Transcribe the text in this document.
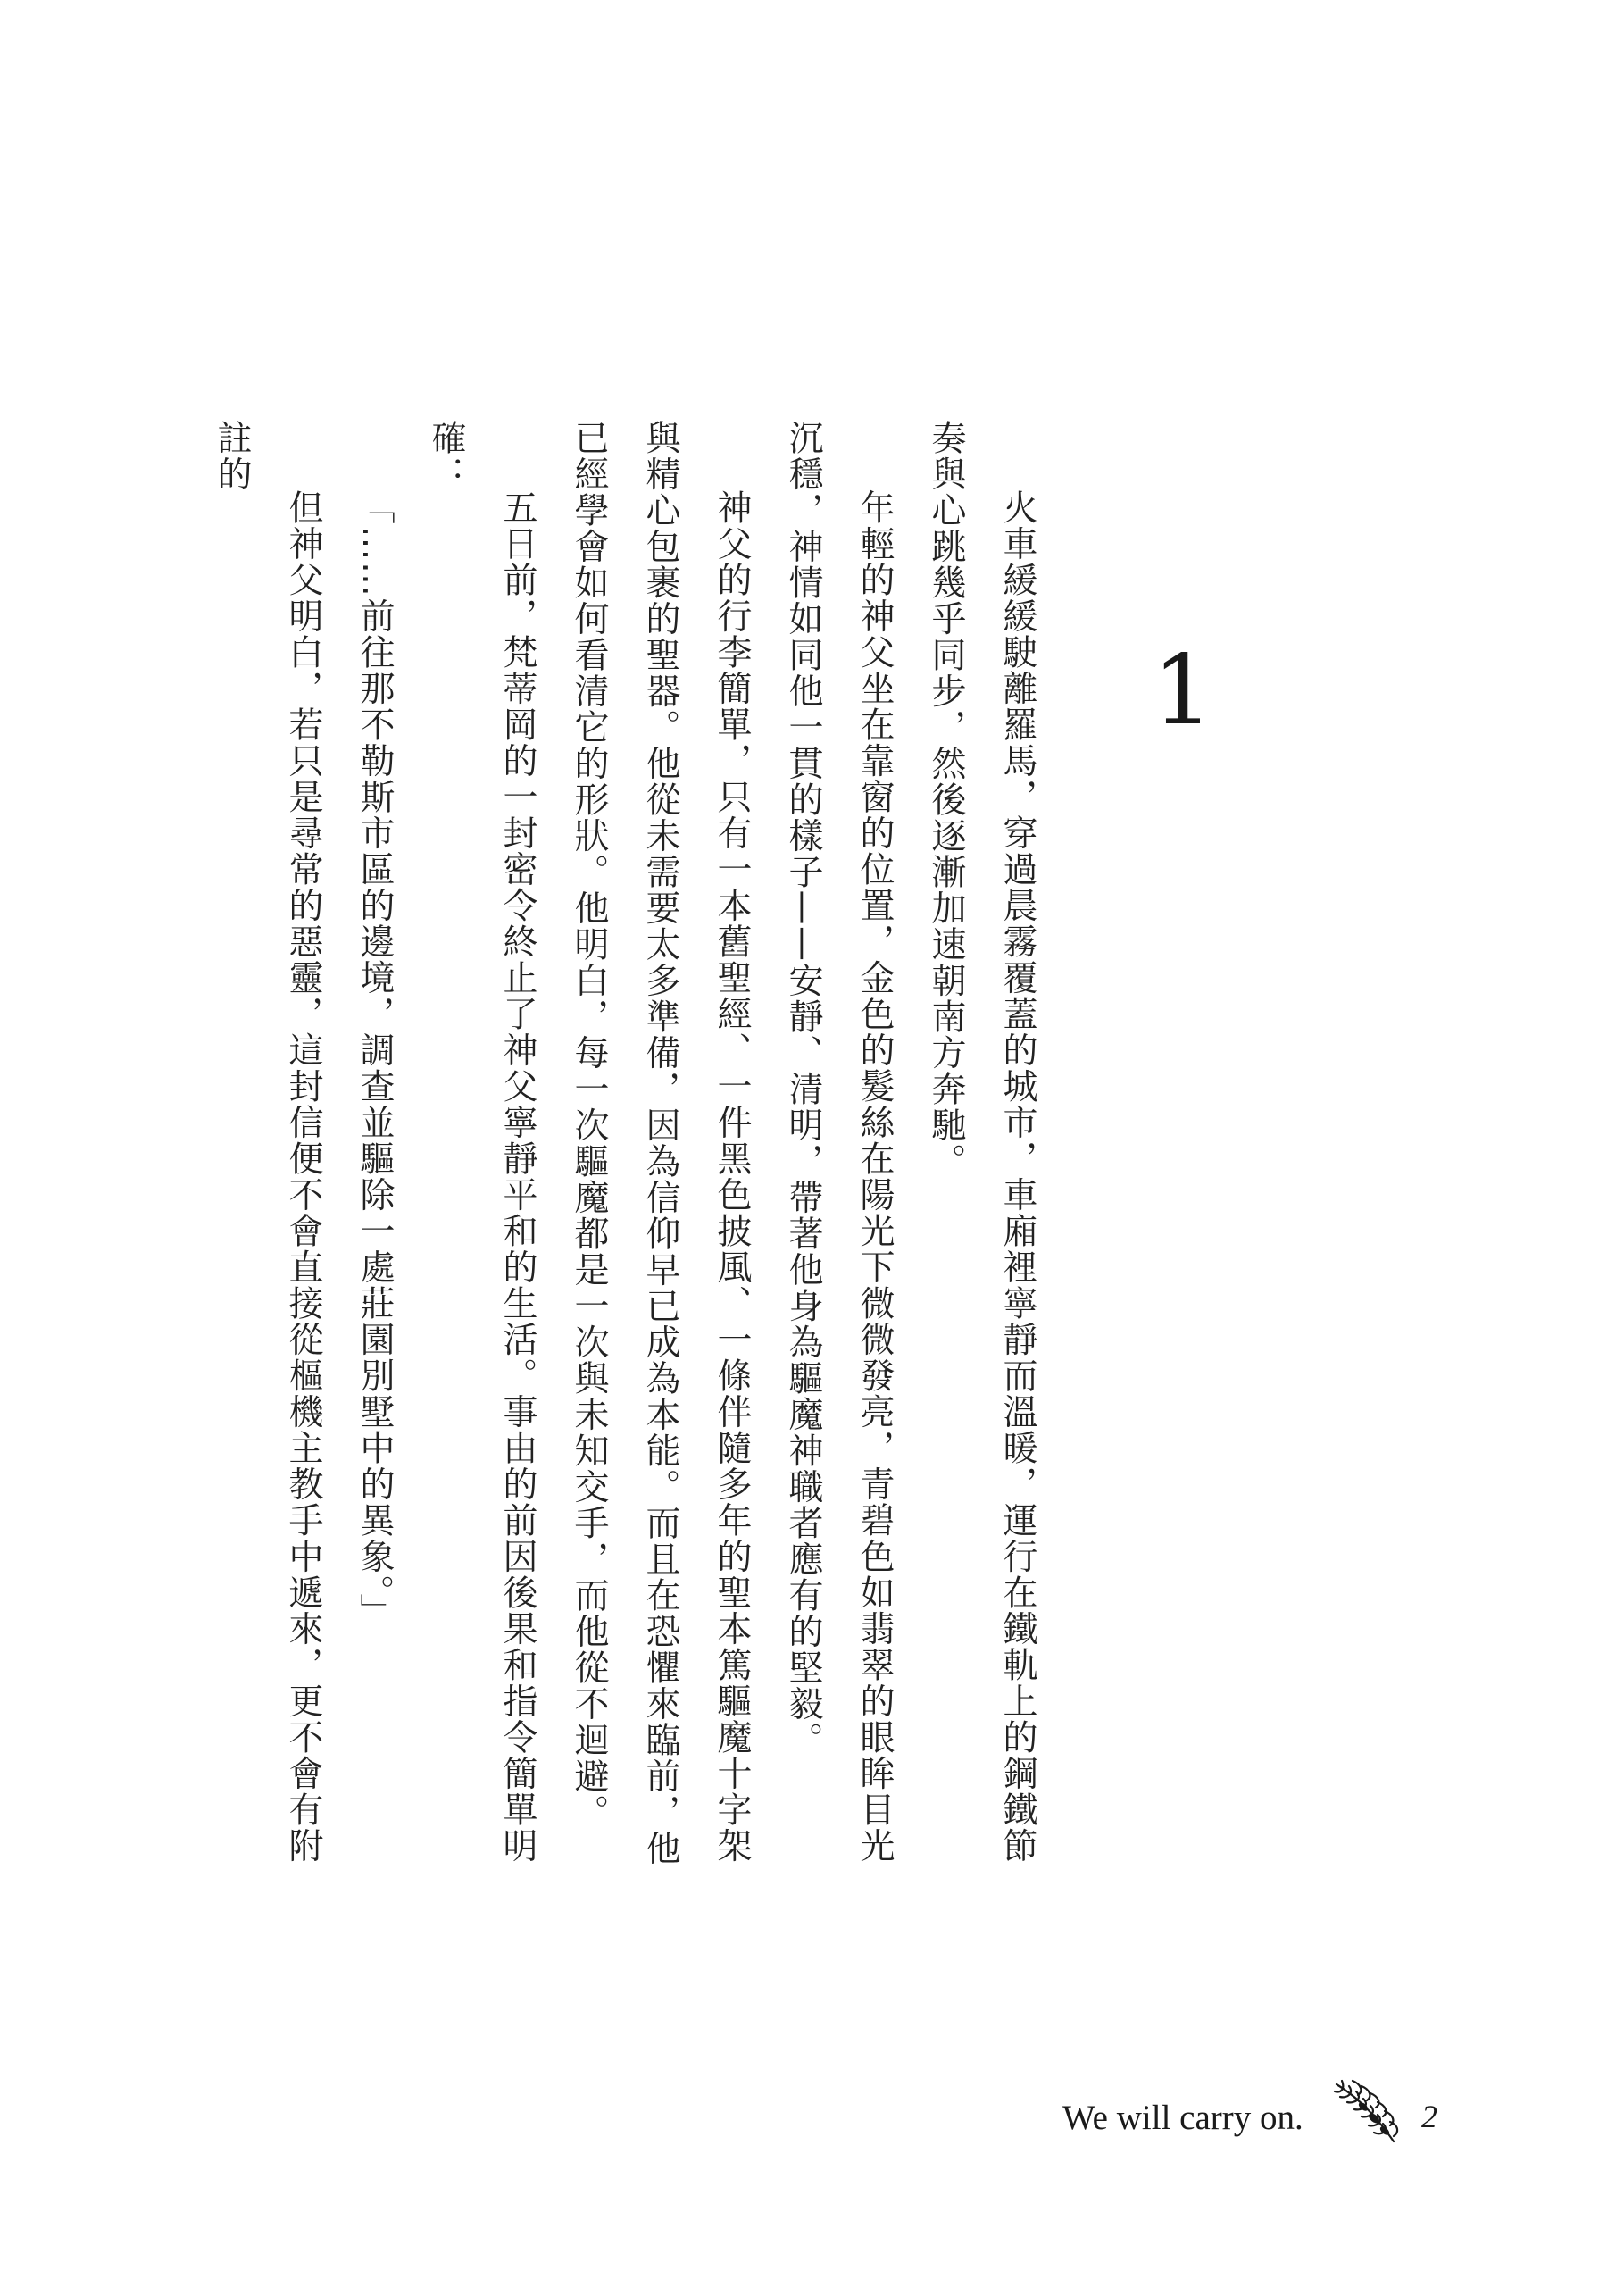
1

火車緩緩駛離羅馬，穿過晨霧覆蓋的城市，車廂裡寧靜而溫暖，運行在鐵軌上的鋼鐵節奏與心跳幾乎同步，然後逐漸加速朝南方奔馳。

年輕的神父坐在靠窗的位置，金色的髮絲在陽光下微微發亮，青碧色如翡翠的眼眸目光沉穩，神情如同他一貫的樣子——安靜、清明，帶著他身為驅魔神職者應有的堅毅。

神父的行李簡單，只有一本舊聖經、一件黑色披風、一條伴隨多年的聖本篤驅魔十字架與精心包裹的聖器。他從未需要太多準備，因為信仰早已成為本能。而且在恐懼來臨前，他已經學會如何看清它的形狀。他明白，每一次驅魔都是一次與未知交手，而他從不迴避。

五日前，梵蒂岡的一封密令終止了神父寧靜平和的生活。事由的前因後果和指令簡單明確：

「……前往那不勒斯市區的邊境，調查並驅除一處莊園別墅中的異象。」

但神父明白，若只是尋常的惡靈，這封信便不會直接從樞機主教手中遞來，更不會有附註的

We will carry on.	2
